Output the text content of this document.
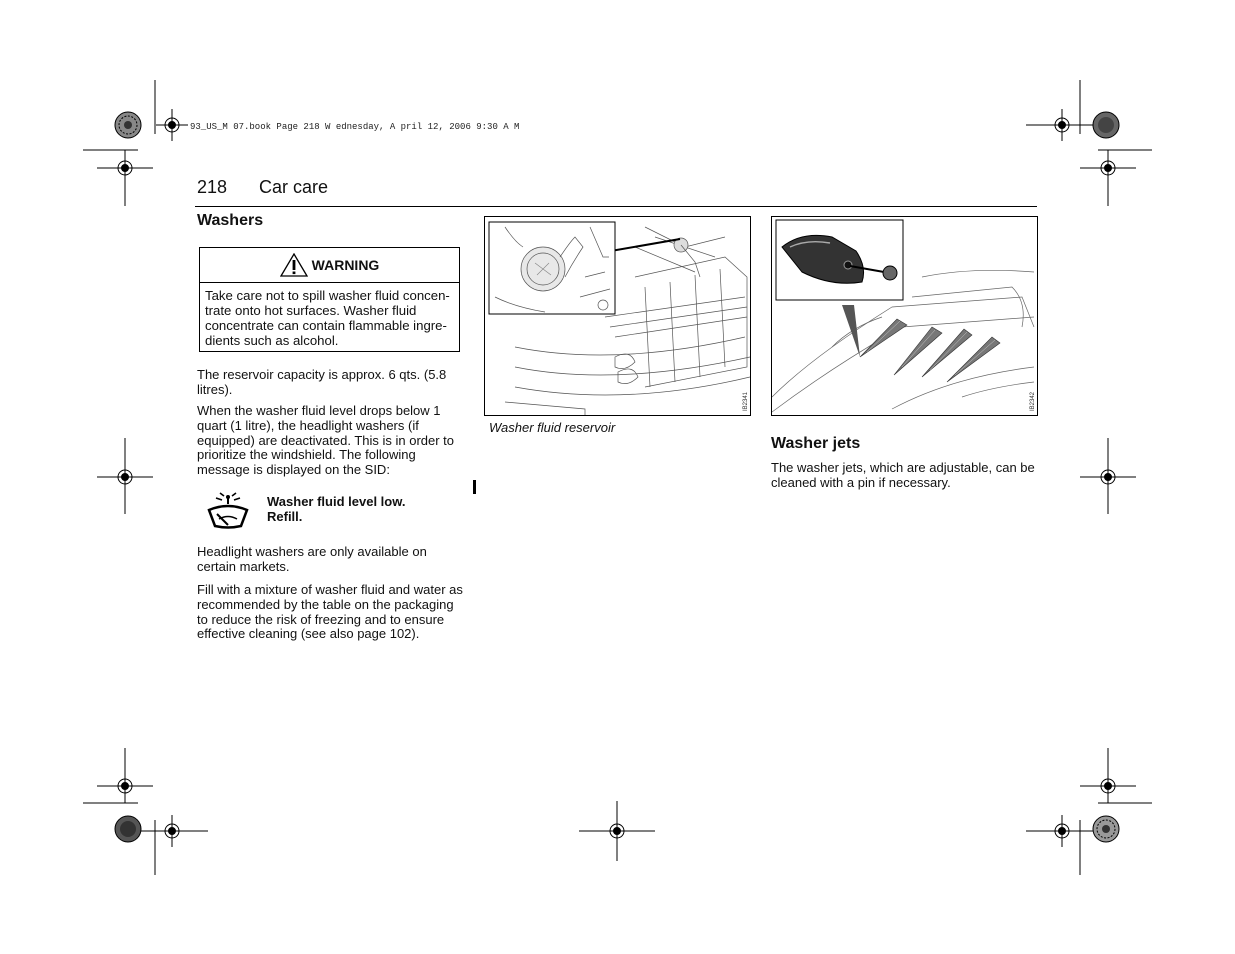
93_US_M 07.book Page 218 W ednesday, A pril 12, 2006 9:30 A M
218 Car care
Washers
WARNING
Take care not to spill washer fluid concen-trate onto hot surfaces. Washer fluid concentrate can contain flammable ingre-dients such as alcohol.
The reservoir capacity is approx. 6 qts. (5.8 litres).
When the washer fluid level drops below 1 quart (1 litre), the headlight washers (if equipped) are deactivated. This is in order to prioritize the windshield. The following message is displayed on the SID:
Washer fluid level low.
Refill.
Headlight washers are only available on certain markets.
Fill with a mixture of washer fluid and water as recommended by the table on the packaging to reduce the risk of freezing and to ensure effective cleaning (see also page 102).
IB2341
Washer fluid reservoir
IB2342
Washer jets
The washer jets, which are adjustable, can be cleaned with a pin if necessary.
